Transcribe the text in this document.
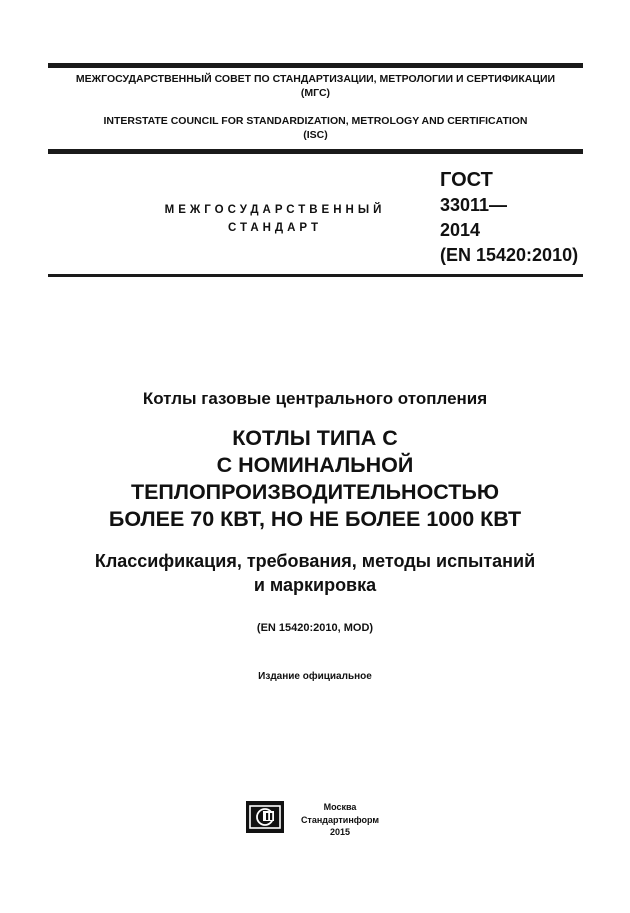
МЕЖГОСУДАРСТВЕННЫЙ СОВЕТ ПО СТАНДАРТИЗАЦИИ, МЕТРОЛОГИИ И СЕРТИФИКАЦИИ
(МГС)
INTERSTATE COUNCIL FOR STANDARDIZATION, METROLOGY AND CERTIFICATION
(ISC)
МЕЖГОСУДАРСТВЕННЫЙ
СТАНДАРТ
ГОСТ
33011—
2014
(EN 15420:2010)
Котлы газовые центрального отопления
КОТЛЫ ТИПА С
С НОМИНАЛЬНОЙ
ТЕПЛОПРОИЗВОДИТЕЛЬНОСТЬЮ
БОЛЕЕ 70 КВТ, НО НЕ БОЛЕЕ 1000 КВТ
Классификация, требования, методы испытаний
и маркировка
(EN 15420:2010, MOD)
Издание официальное
Москва
Стандартинформ
2015
